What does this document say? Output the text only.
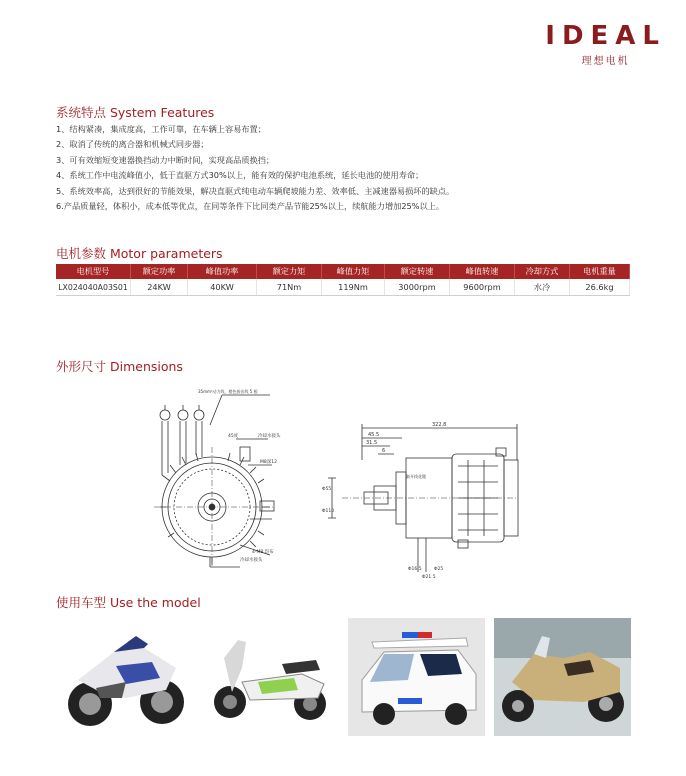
IDEAL
理想电机
系统特点 System Features
1、结构紧凑，集成度高，工作可靠，在车辆上容易布置；
2、取消了传统的离合器和机械式同步器；
3、可有效缩短变速器换挡动力中断时间，实现高品质换挡；
4、系统工作中电流峰值小，低于直驱方式30%以上，能有效的保护电池系统，延长电池的使用寿命；
5、系统效率高，达到很好的节能效果，解决直驱式纯电动车辆爬坡能力差、效率低、主减速器易损坏的缺点。
6.产品质量轻，体积小，成本低等优点，在同等条件下比同类产品节能25%以上，续航能力增加25%以上。
电机参数 Motor parameters
电机型号	额定功率	峰值功率	额定力矩	峰值力矩	额定转速	峰值转速	冷却方式	电机重量
LX024040A03S01	24KW	40KW	71Nm	119Nm	3000rpm	9600rpm	水冷	26.6kg
外形尺寸 Dimensions
35mm²动力线，橙色接出线 5 根
45度	冷却水接头
M8深12
4-M8 均布
冷却水接头
322.8
45.5
31.5
6
渐开线花键
Φ55
Φ110
Φ16.5
Φ21.5
Φ25
使用车型 Use the model
